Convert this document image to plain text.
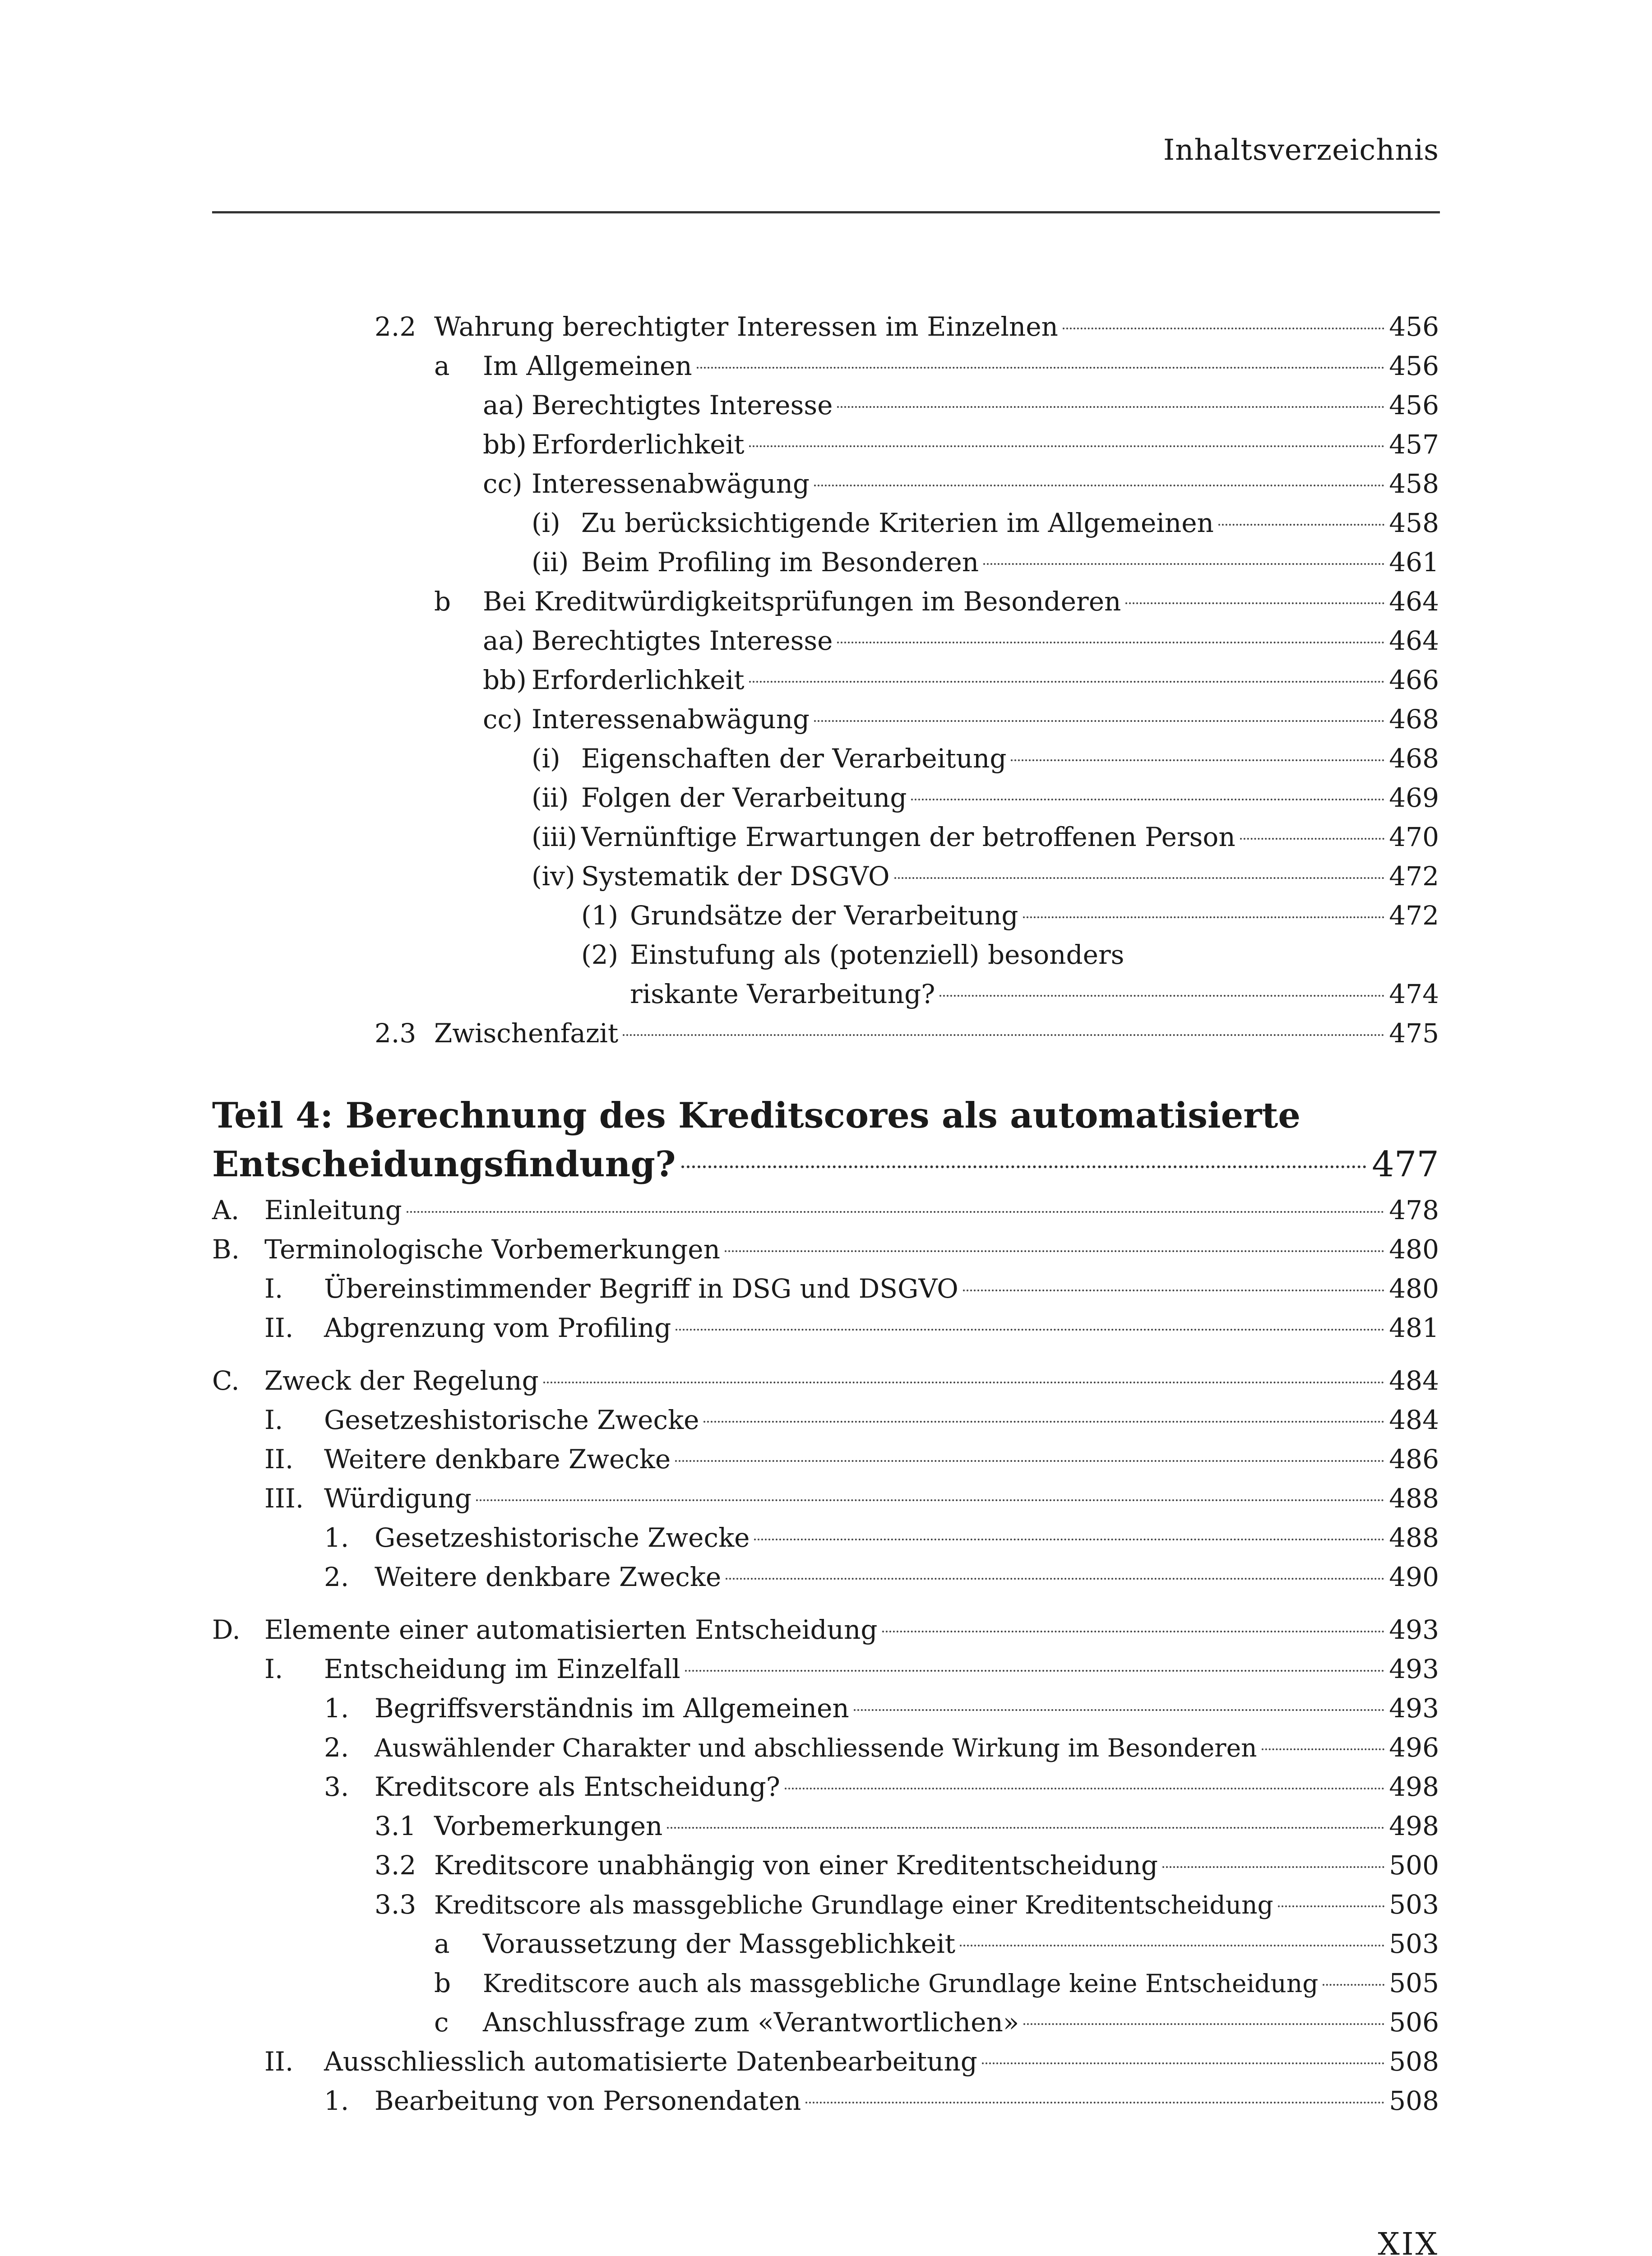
Inhaltsverzeichnis
2.2 Wahrung berechtigter Interessen im Einzelnen	456
a	Im Allgemeinen	456
aa) Berechtigtes Interesse	456
bb) Erforderlichkeit	457
cc) Interessenabwägung	458
(i) Zu berücksichtigende Kriterien im Allgemeinen	458
(ii) Beim Profiling im Besonderen	461
b	Bei Kreditwürdigkeitsprüfungen im Besonderen	464
aa) Berechtigtes Interesse	464
bb) Erforderlichkeit	466
cc) Interessenabwägung	468
(i) Eigenschaften der Verarbeitung	468
(ii) Folgen der Verarbeitung	469
(iii) Vernünftige Erwartungen der betroffenen Person	470
(iv) Systematik der DSGVO	472
(1) Grundsätze der Verarbeitung	472
(2) Einstufung als (potenziell) besonders
riskante Verarbeitung?	474
2.3 Zwischenfazit	475
Teil 4: Berechnung des Kreditscores als automatisierte
Entscheidungsfindung?	477
A. Einleitung	478
B. Terminologische Vorbemerkungen	480
I.	Übereinstimmender Begriff in DSG und DSGVO	480
II.	Abgrenzung vom Profiling	481
C. Zweck der Regelung	484
I.	Gesetzeshistorische Zwecke	484
II.	Weitere denkbare Zwecke	486
III. Würdigung	488
1. Gesetzeshistorische Zwecke	488
2. Weitere denkbare Zwecke	490
D. Elemente einer automatisierten Entscheidung	493
I.	Entscheidung im Einzelfall	493
1. Begriffsverständnis im Allgemeinen	493
2.	Auswählender Charakter und abschliessende Wirkung im Besonderen	496
3. Kreditscore als Entscheidung?	498
3.1 Vorbemerkungen	498
3.2 Kreditscore unabhängig von einer Kreditentscheidung	500
3.3 Kreditscore als massgebliche Grundlage einer Kreditentscheidung	503
a	Voraussetzung der Massgeblichkeit	503
b	Kreditscore auch als massgebliche Grundlage keine Entscheidung	505
c	Anschlussfrage zum «Verantwortlichen»	506
II.	Ausschliesslich automatisierte Datenbearbeitung	508
1. Bearbeitung von Personendaten	508
XIX
